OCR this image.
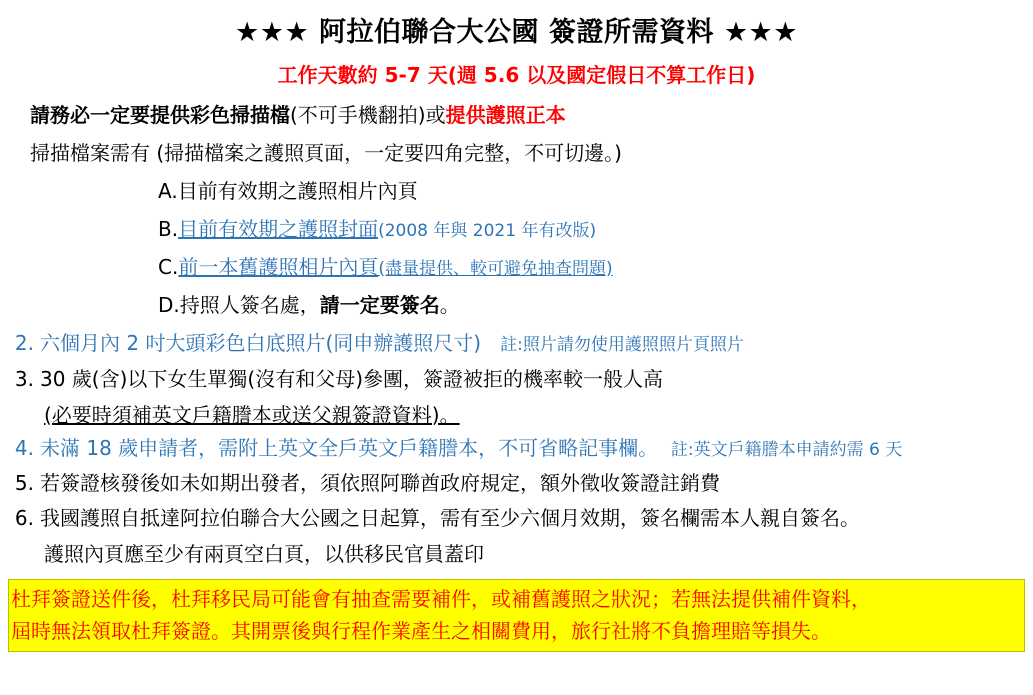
★★★ 阿拉伯聯合大公國 簽證所需資料 ★★★
工作天數約 5-7 天(週 5.6 以及國定假日不算工作日)
請務必一定要提供彩色掃描檔(不可手機翻拍)或提供護照正本
掃描檔案需有 (掃描檔案之護照頁面，一定要四角完整，不可切邊。)
A.目前有效期之護照相片內頁
B.目前有效期之護照封面(2008 年與 2021 年有改版)
C.前一本舊護照相片內頁(盡量提供、較可避免抽查問題)
D.持照人簽名處，請一定要簽名。
2. 六個月內 2 吋大頭彩色白底照片(同申辦護照尺寸) 註:照片請勿使用護照照片頁照片
3. 30 歲(含)以下女生單獨(沒有和父母)參團，簽證被拒的機率較一般人高
(必要時須補英文戶籍謄本或送父親簽證資料)。
4. 未滿 18 歲申請者，需附上英文全戶英文戶籍謄本，不可省略記事欄。 註:英文戶籍謄本申請約需 6 天
5. 若簽證核發後如未如期出發者，須依照阿聯酋政府規定，額外徵收簽證註銷費
6. 我國護照自抵達阿拉伯聯合大公國之日起算，需有至少六個月效期，簽名欄需本人親自簽名。
護照內頁應至少有兩頁空白頁，以供移民官員蓋印
杜拜簽證送件後，杜拜移民局可能會有抽查需要補件，或補舊護照之狀況；若無法提供補件資料，
屆時無法領取杜拜簽證。其開票後與行程作業產生之相關費用，旅行社將不負擔理賠等損失。
